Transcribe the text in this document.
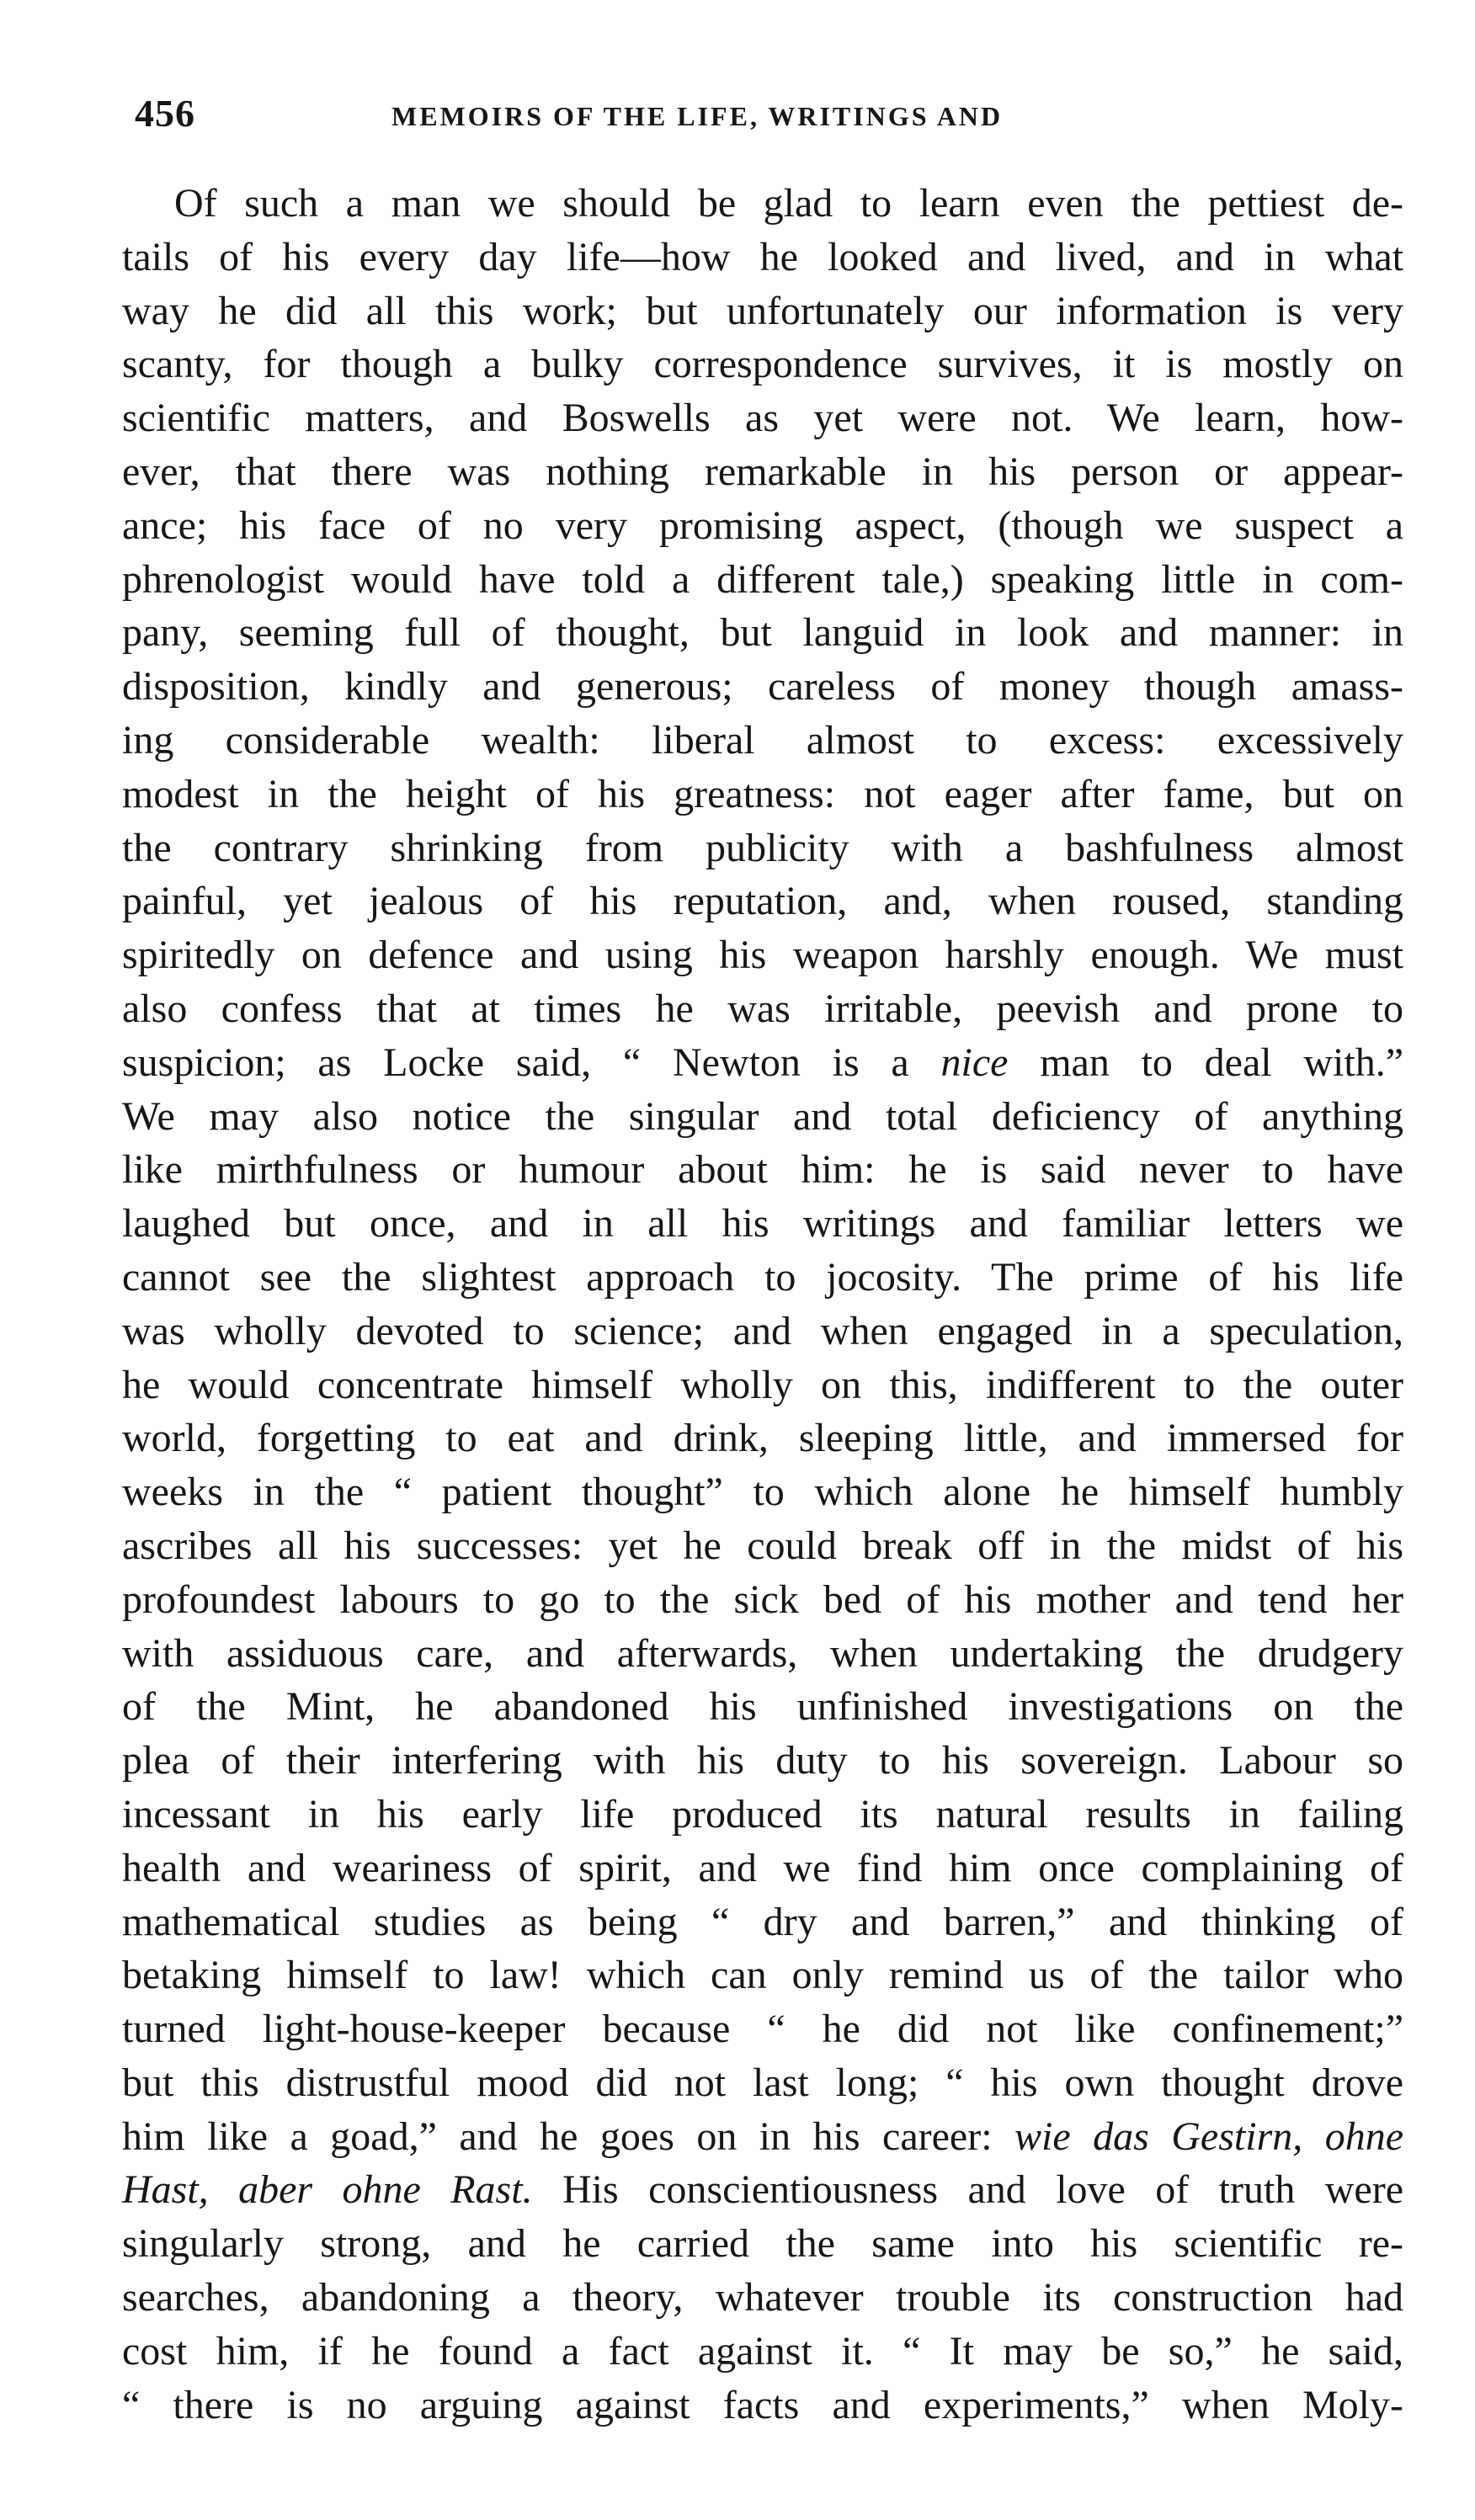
456	MEMOIRS OF THE LIFE, WRITINGS AND
Of such a man we should be glad to learn even the pettiest de-
tails of his every day life—how he looked and lived, and in what
way he did all this work; but unfortunately our information is very
scanty, for though a bulky correspondence survives, it is mostly on
scientific matters, and Boswells as yet were not. We learn, how-
ever, that there was nothing remarkable in his person or appear-
ance; his face of no very promising aspect, (though we suspect a
phrenologist would have told a different tale,) speaking little in com-
pany, seeming full of thought, but languid in look and manner: in
disposition, kindly and generous; careless of money though amass-
ing considerable wealth: liberal almost to excess: excessively
modest in the height of his greatness: not eager after fame, but on
the contrary shrinking from publicity with a bashfulness almost
painful, yet jealous of his reputation, and, when roused, standing
spiritedly on defence and using his weapon harshly enough. We must
also confess that at times he was irritable, peevish and prone to
suspicion; as Locke said, “ Newton is a nice man to deal with.”
We may also notice the singular and total deficiency of anything
like mirthfulness or humour about him: he is said never to have
laughed but once, and in all his writings and familiar letters we
cannot see the slightest approach to jocosity. The prime of his life
was wholly devoted to science; and when engaged in a speculation,
he would concentrate himself wholly on this, indifferent to the outer
world, forgetting to eat and drink, sleeping little, and immersed for
weeks in the “ patient thought” to which alone he himself humbly
ascribes all his successes: yet he could break off in the midst of his
profoundest labours to go to the sick bed of his mother and tend her
with assiduous care, and afterwards, when undertaking the drudgery
of the Mint, he abandoned his unfinished investigations on the
plea of their interfering with his duty to his sovereign. Labour so
incessant in his early life produced its natural results in failing
health and weariness of spirit, and we find him once complaining of
mathematical studies as being “ dry and barren,” and thinking of
betaking himself to law! which can only remind us of the tailor who
turned light-house-keeper because “ he did not like confinement;”
but this distrustful mood did not last long; “ his own thought drove
him like a goad,” and he goes on in his career: wie das Gestirn, ohne
Hast, aber ohne Rast. His conscientiousness and love of truth were
singularly strong, and he carried the same into his scientific re-
searches, abandoning a theory, whatever trouble its construction had
cost him, if he found a fact against it. “ It may be so,” he said,
“ there is no arguing against facts and experiments,” when Moly-
